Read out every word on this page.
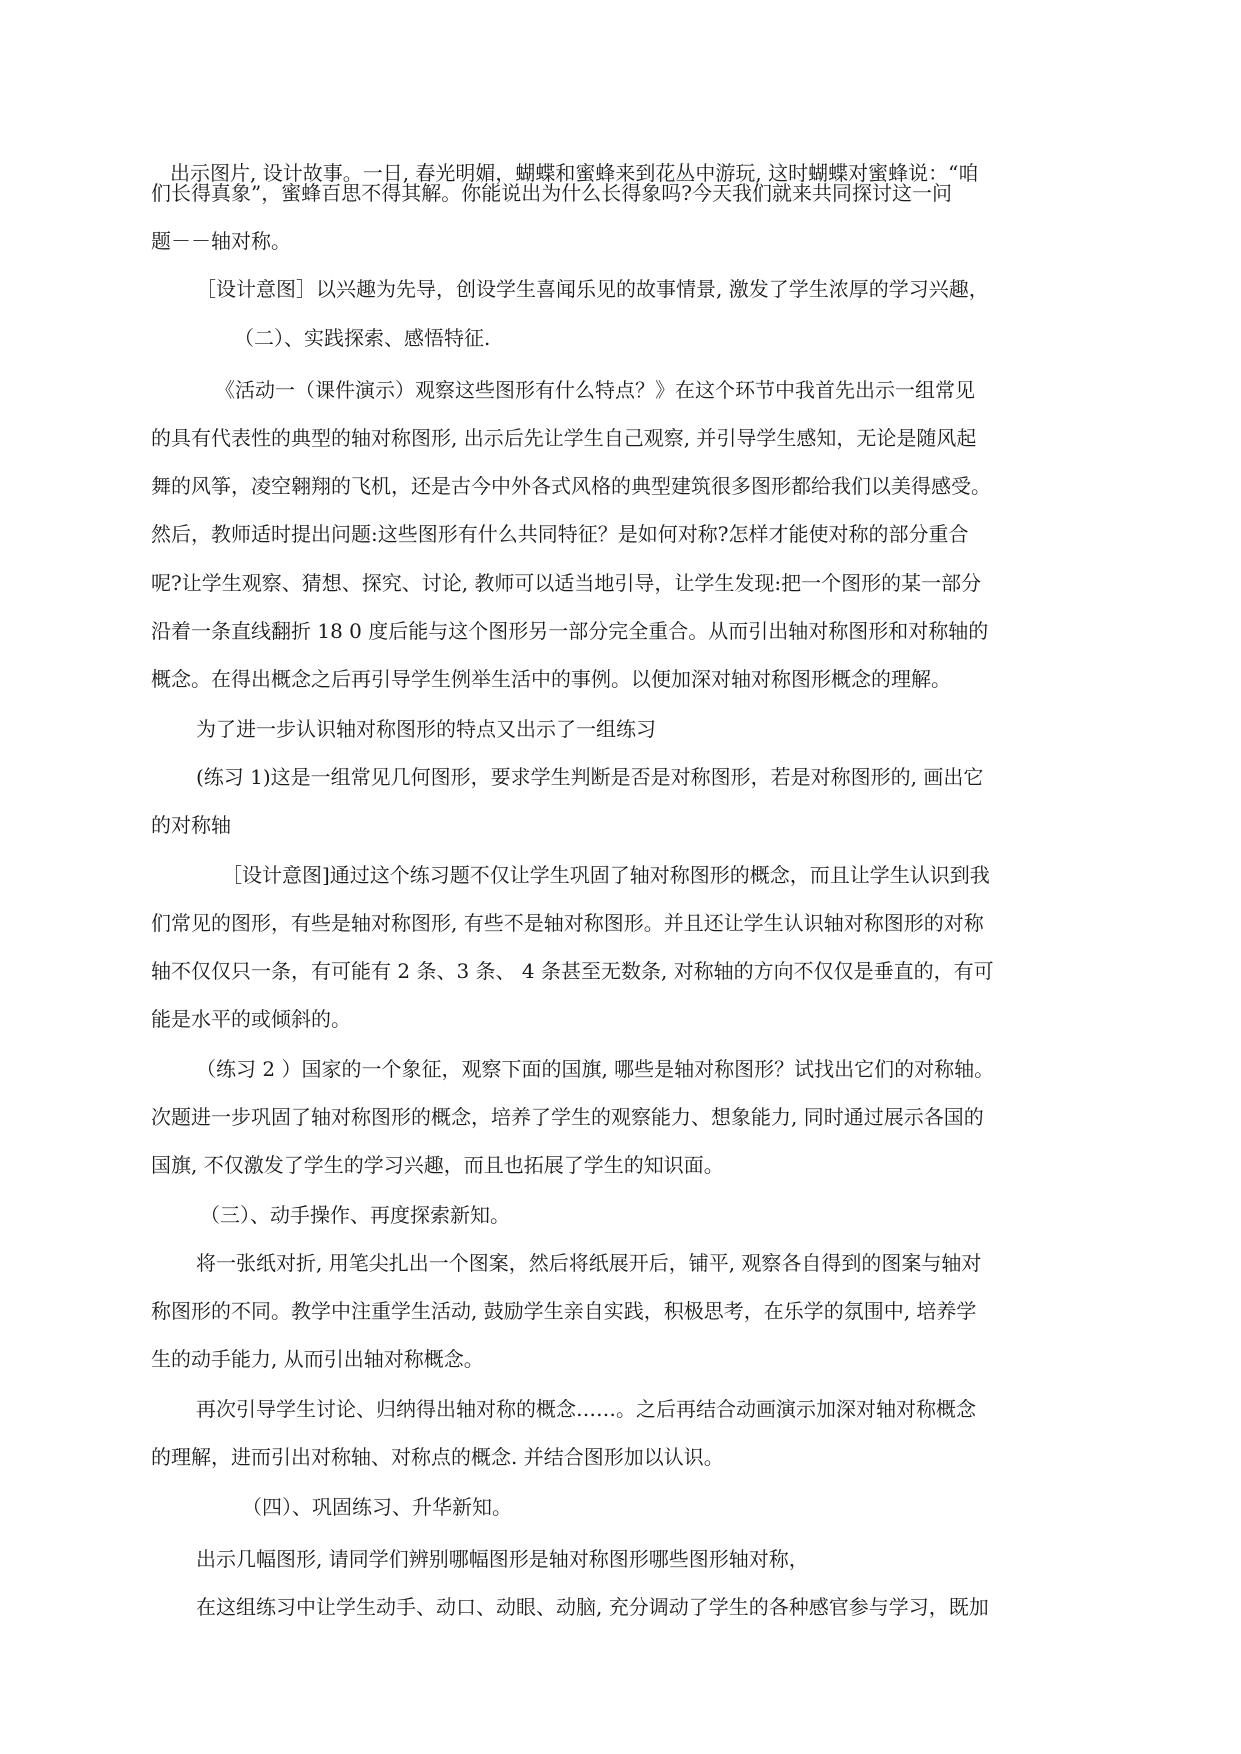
出示图片, 设计故事。一日, 春光明媚，蝴蝶和蜜蜂来到花丛中游玩, 这时蝴蝶对蜜蜂说：“咱
们长得真象”，蜜蜂百思不得其解。你能说出为什么长得象吗?今天我们就来共同探讨这一问
题－－轴对称。
［设计意图］以兴趣为先导，创设学生喜闻乐见的故事情景, 激发了学生浓厚的学习兴趣，
（二）、实践探索、感悟特征.
《活动一（课件演示）观察这些图形有什么特点？》在这个环节中我首先出示一组常见
的具有代表性的典型的轴对称图形, 出示后先让学生自己观察, 并引导学生感知，无论是随风起
舞的风筝，凌空翱翔的飞机，还是古今中外各式风格的典型建筑很多图形都给我们以美得感受。
然后，教师适时提出问题:这些图形有什么共同特征？是如何对称?怎样才能使对称的部分重合
呢?让学生观察、猜想、探究、讨论, 教师可以适当地引导，让学生发现:把一个图形的某一部分
沿着一条直线翻折 18 0 度后能与这个图形另一部分完全重合。从而引出轴对称图形和对称轴的
概念。在得出概念之后再引导学生例举生活中的事例。以便加深对轴对称图形概念的理解。
为了进一步认识轴对称图形的特点又出示了一组练习
(练习 1)这是一组常见几何图形，要求学生判断是否是对称图形，若是对称图形的, 画出它
的对称轴
［设计意图]通过这个练习题不仅让学生巩固了轴对称图形的概念，而且让学生认识到我
们常见的图形，有些是轴对称图形, 有些不是轴对称图形。并且还让学生认识轴对称图形的对称
轴不仅仅只一条，有可能有 2 条、3 条、 4 条甚至无数条, 对称轴的方向不仅仅是垂直的，有可
能是水平的或倾斜的。
（练习 2 ）国家的一个象征，观察下面的国旗, 哪些是轴对称图形？试找出它们的对称轴。
次题进一步巩固了轴对称图形的概念，培养了学生的观察能力、想象能力, 同时通过展示各国的
国旗, 不仅激发了学生的学习兴趣，而且也拓展了学生的知识面。
（三）、动手操作、再度探索新知。
将一张纸对折, 用笔尖扎出一个图案，然后将纸展开后，铺平, 观察各自得到的图案与轴对
称图形的不同。教学中注重学生活动, 鼓励学生亲自实践，积极思考，在乐学的氛围中, 培养学
生的动手能力, 从而引出轴对称概念。
再次引导学生讨论、归纳得出轴对称的概念……。之后再结合动画演示加深对轴对称概念
的理解，进而引出对称轴、对称点的概念. 并结合图形加以认识。
（四）、巩固练习、升华新知。
出示几幅图形, 请同学们辨别哪幅图形是轴对称图形哪些图形轴对称，
在这组练习中让学生动手、动口、动眼、动脑, 充分调动了学生的各种感官参与学习，既加
